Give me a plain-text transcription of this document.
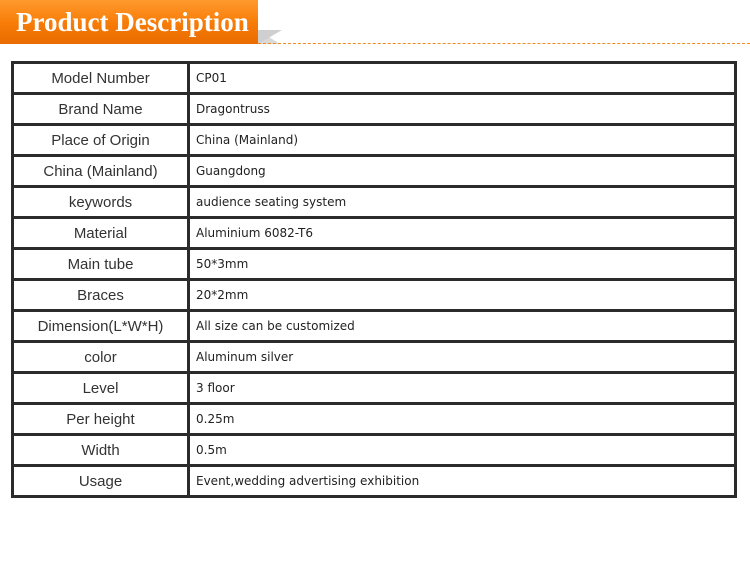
Product Description
Model Number	CP01
Brand Name	Dragontruss
Place of Origin	China (Mainland)
China (Mainland)	Guangdong
keywords	audience seating system
Material	Aluminium 6082-T6
Main tube	50*3mm
Braces	20*2mm
Dimension(L*W*H)	All size can be customized
color	Aluminum silver
Level	3 floor
Per height	0.25m
Width	0.5m
Usage	Event,wedding advertising exhibition
